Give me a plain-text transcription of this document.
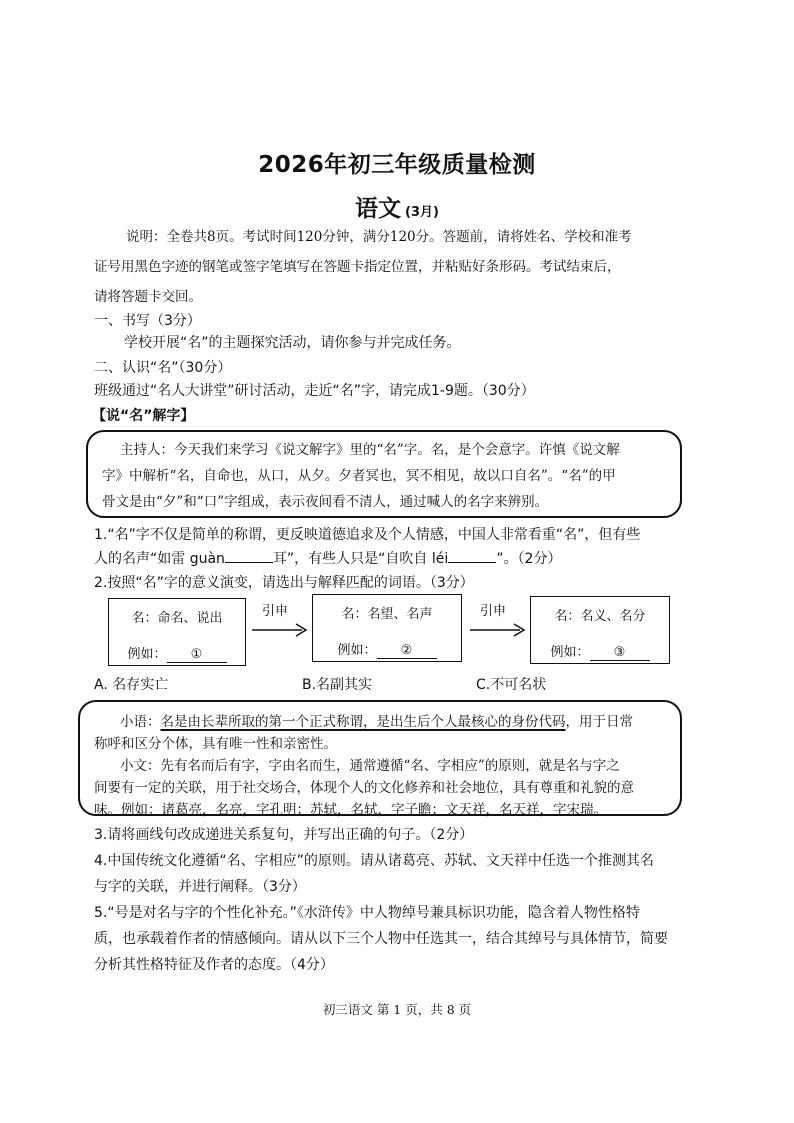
2026年初三年级质量检测
语文 (3月)
说明：全卷共8页。考试时间120分钟，满分120分。答题前，请将姓名、学校和准考
证号用黑色字迹的钢笔或签字笔填写在答题卡指定位置，并粘贴好条形码。考试结束后，
请将答题卡交回。
一、书写（3分）
学校开展“名”的主题探究活动，请你参与并完成任务。
二、认识“名”（30分）
班级通过“名人大讲堂”研讨活动，走近“名”字，请完成1-9题。（30分）
【说“名”解字】
主持人：今天我们来学习《说文解字》里的“名”字。名，是个会意字。许慎《说文解
字》中解析“名，自命也，从口，从夕。夕者冥也，冥不相见，故以口自名”。“名”的甲
骨文是由“夕”和“口”字组成，表示夜间看不清人，通过喊人的名字来辨别。
1.“名”字不仅是简单的称谓，更反映道德追求及个人情感，中国人非常看重“名”，但有些
人的名声“如雷 guàn	耳”，有些人只是“自吹自 léi	”。（2分）
2.按照“名”字的意义演变，请选出与解释匹配的词语。（3分）
名：命名、说出
例如： ①
引申	名：名望、名声
例如： ②
引申	名：名义、名分
例如： ③
A. 名存实亡	B.名副其实	C.不可名状
小语：名是由长辈所取的第一个正式称谓，是出生后个人最核心的身份代码，用于日常
称呼和区分个体，具有唯一性和亲密性。
小文：先有名而后有字，字由名而生，通常遵循“名、字相应”的原则，就是名与字之
间要有一定的关联，用于社交场合，体现个人的文化修养和社会地位，具有尊重和礼貌的意
味。例如：诸葛亮，名亮，字孔明；苏轼，名轼，字子瞻；文天祥，名天祥，字宋瑞。
3.请将画线句改成递进关系复句，并写出正确的句子。（2分）
4.中国传统文化遵循“名、字相应”的原则。请从诸葛亮、苏轼、文天祥中任选一个推测其名
与字的关联，并进行阐释。（3分）
5.“号是对名与字的个性化补充。”《水浒传》中人物绰号兼具标识功能，隐含着人物性格特
质，也承载着作者的情感倾向。请从以下三个人物中任选其一，结合其绰号与具体情节，简要
分析其性格特征及作者的态度。（4分）
初三语文 第 1 页，共 8 页
